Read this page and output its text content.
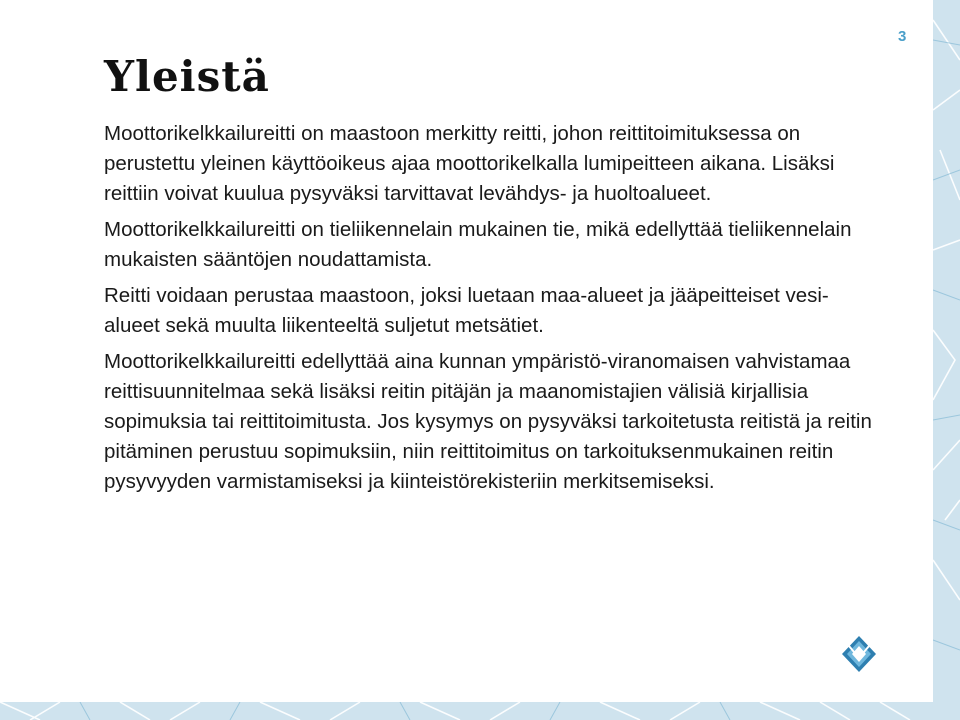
3
Yleistä

Moottorikelkkailureitti on maastoon merkitty reitti, johon reittitoimituksessa on perustettu yleinen käyttöoikeus ajaa moottorikelkalla lumipeitteen aikana. Lisäksi reittiin voivat kuulua pysyväksi tarvittavat levähdys- ja huoltoalueet.

Moottorikelkkailureitti on tieliikennelain mukainen tie, mikä edellyttää tieliikennelain mukaisten sääntöjen noudattamista.

Reitti voidaan perustaa maastoon, joksi luetaan maa-alueet ja jääpeitteiset vesi-alueet sekä muulta liikenteeltä suljetut metsätiet.

Moottorikelkkailureitti edellyttää aina kunnan ympäristö-viranomaisen vahvistamaa reittisuunnitelmaa sekä lisäksi reitin pitäjän ja maanomistajien välisiä kirjallisia sopimuksia tai reittitoimitusta. Jos kysymys on pysyväksi tarkoitetusta reitistä ja reitin pitäminen perustuu sopimuksiin, niin reittitoimitus on tarkoituksenmukainen reitin pysyvyyden varmistamiseksi ja kiinteistörekisteriin merkitsemiseksi.

MML
MAAN-
MITTAUS-
LAITOS
